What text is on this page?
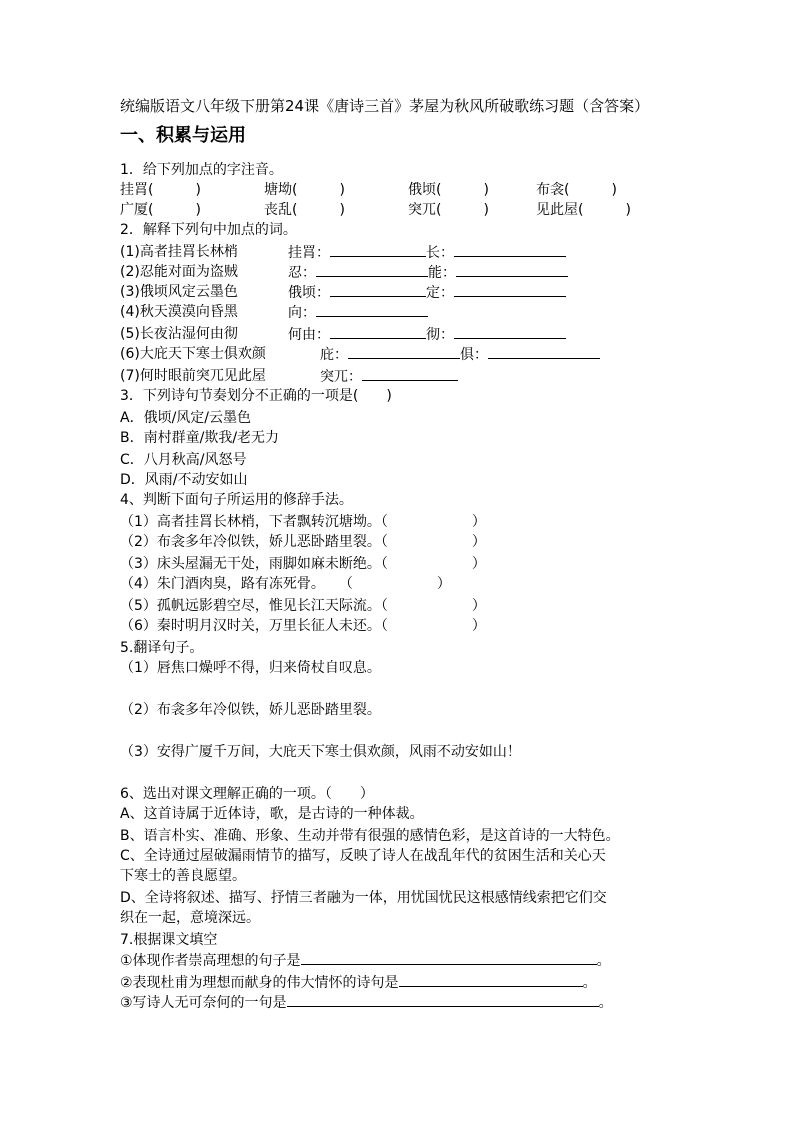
统编版语文八年级下册第24课《唐诗三首》茅屋为秋风所破歌练习题（含答案）
一、积累与运用
1．给下列加点的字注音。
挂罥(　　　)	塘坳(　　　)	俄顷(　　　)	布衾(　　　)
广厦(　　　)	丧乱(　　　)	突兀(　　　)	见此屋(　　　)
2．解释下列句中加点的词。
(1)高者挂罥长林梢	挂罥：	长：
(2)忍能对面为盗贼	忍：	能：
(3)俄顷风定云墨色	俄顷：	定：
(4)秋天漠漠向昏黑	向：
(5)长夜沾湿何由彻	何由：	彻：
(6)大庇天下寒士俱欢颜	庇：	俱：
(7)何时眼前突兀见此屋	突兀：
3．下列诗句节奏划分不正确的一项是(　　)
A．俄顷/风定/云墨色
B．南村群童/欺我/老无力
C．八月秋高/风怒号
D．风雨/不动安如山
4、判断下面句子所运用的修辞手法。
（1）高者挂罥长林梢，下者飘转沉塘坳。（　　　　　　）
（2）布衾多年冷似铁，娇儿恶卧踏里裂。（　　　　　　）
（3）床头屋漏无干处，雨脚如麻未断绝。（　　　　　　）
（4）朱门酒肉臭，路有冻死骨。　　（　　　　　　）
（5）孤帆远影碧空尽，惟见长江天际流。（　　　　　　）
（6）秦时明月汉时关，万里长征人未还。（　　　　　　）
5.翻译句子。
（1）唇焦口燥呼不得，归来倚杖自叹息。
（2）布衾多年冷似铁，娇儿恶卧踏里裂。
（3）安得广厦千万间，大庇天下寒士俱欢颜，风雨不动安如山！
6、选出对课文理解正确的一项。（　　）
A、这首诗属于近体诗，歌，是古诗的一种体裁。
B、语言朴实、准确、形象、生动并带有很强的感情色彩，是这首诗的一大特色。
C、全诗通过屋破漏雨情节的描写，反映了诗人在战乱年代的贫困生活和关心天
下寒士的善良愿望。
D、全诗将叙述、描写、抒情三者融为一体，用忧国忧民这根感情线索把它们交
织在一起，意境深远。
7.根据课文填空
①体现作者崇高理想的句子是	。
②表现杜甫为理想而献身的伟大情怀的诗句是	。
③写诗人无可奈何的一句是	。
